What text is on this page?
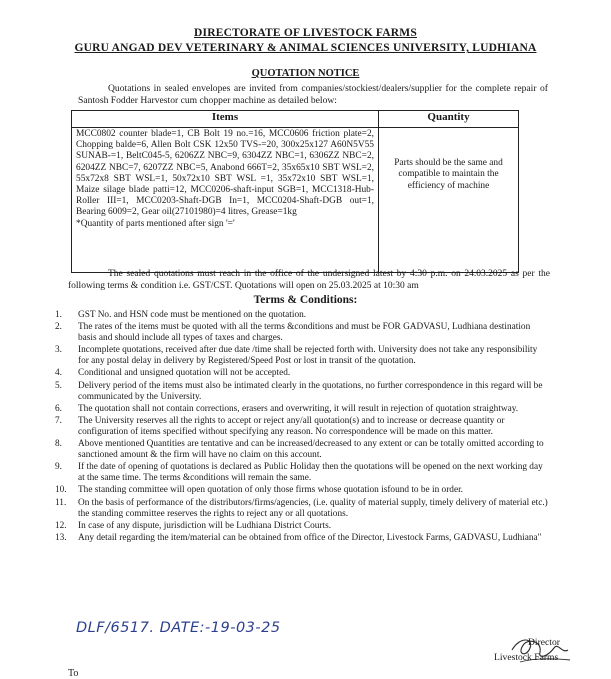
DIRECTORATE OF LIVESTOCK FARMS
GURU ANGAD DEV VETERINARY & ANIMAL SCIENCES UNIVERSITY, LUDHIANA
QUOTATION NOTICE
Quotations in sealed envelopes are invited from companies/stockiest/dealers/supplier for the complete repair of Santosh Fodder Harvestor cum chopper machine as detailed below:
Items	Quantity
MCC0802 counter blade=1, CB Bolt 19 no.=16, MCC0606 friction plate=2, Chopping balde=6, Allen Bolt CSK 12x50 TVS-=20, 300x25x127 A60N5V55 SUNAB-=1, BeltC045-5, 6206ZZ NBC=9, 6304ZZ NBC=1, 6306ZZ NBC=2, 6204ZZ NBC=7, 6207ZZ NBC=5, Anabond 666T=2, 35x65x10 SBT WSL=2, 55x72x8 SBT WSL=1, 50x72x10 SBT WSL =1, 35x72x10 SBT WSL=1, Maize silage blade patti=12, MCC0206-shaft-input SGB=1, MCC1318-Hub-Roller III=1, MCC0203-Shaft-DGB In=1, MCC0204-Shaft-DGB out=1, Bearing 6009=2, Gear oil(27101980)=4 litres, Grease=1kg
*Quantity of parts mentioned after sign '='	Parts should be the same and compatible to maintain the efficiency of machine
The sealed quotations must reach in the office of the undersigned latest by 4:30 p.m. on 24.03.2025 as per the following terms & condition i.e. GST/CST. Quotations will open on 25.03.2025 at 10:30 am
Terms & Conditions:
1.	GST No. and HSN code must be mentioned on the quotation.
2.	The rates of the items must be quoted with all the terms &conditions and must be FOR GADVASU, Ludhiana destination basis and should include all types of taxes and charges.
3.	Incomplete quotations, received after due date /time shall be rejected forth with. University does not take any responsibility for any postal delay in delivery by Registered/Speed Post or lost in transit of the quotation.
4.	Conditional and unsigned quotation will not be accepted.
5.	Delivery period of the items must also be intimated clearly in the quotations, no further correspondence in this regard will be communicated by the University.
6.	The quotation shall not contain corrections, erasers and overwriting, it will result in rejection of quotation straightway.
7.	The University reserves all the rights to accept or reject any/all quotation(s) and to increase or decrease quantity or configuration of items specified without specifying any reason. No correspondence will be made on this matter.
8.	Above mentioned Quantities are tentative and can be increased/decreased to any extent or can be totally omitted according to sanctioned amount & the firm will have no claim on this account.
9.	If the date of opening of quotations is declared as Public Holiday then the quotations will be opened on the next working day at the same time. The terms &conditions will remain the same.
10.	The standing committee will open quotation of only those firms whose quotation isfound to be in order.
11.	On the basis of performance of the distributors/firms/agencies, (i.e. quality of material supply, timely delivery of material etc.) the standing committee reserves the rights to reject any or all quotations.
12.	In case of any dispute, jurisdiction will be Ludhiana District Courts.
13.	Any detail regarding the item/material can be obtained from office of the Director, Livestock Farms, GADVASU, Ludhiana"
DLF/6517. DATE:-19-03-25
Director
Livestock Farms
To
